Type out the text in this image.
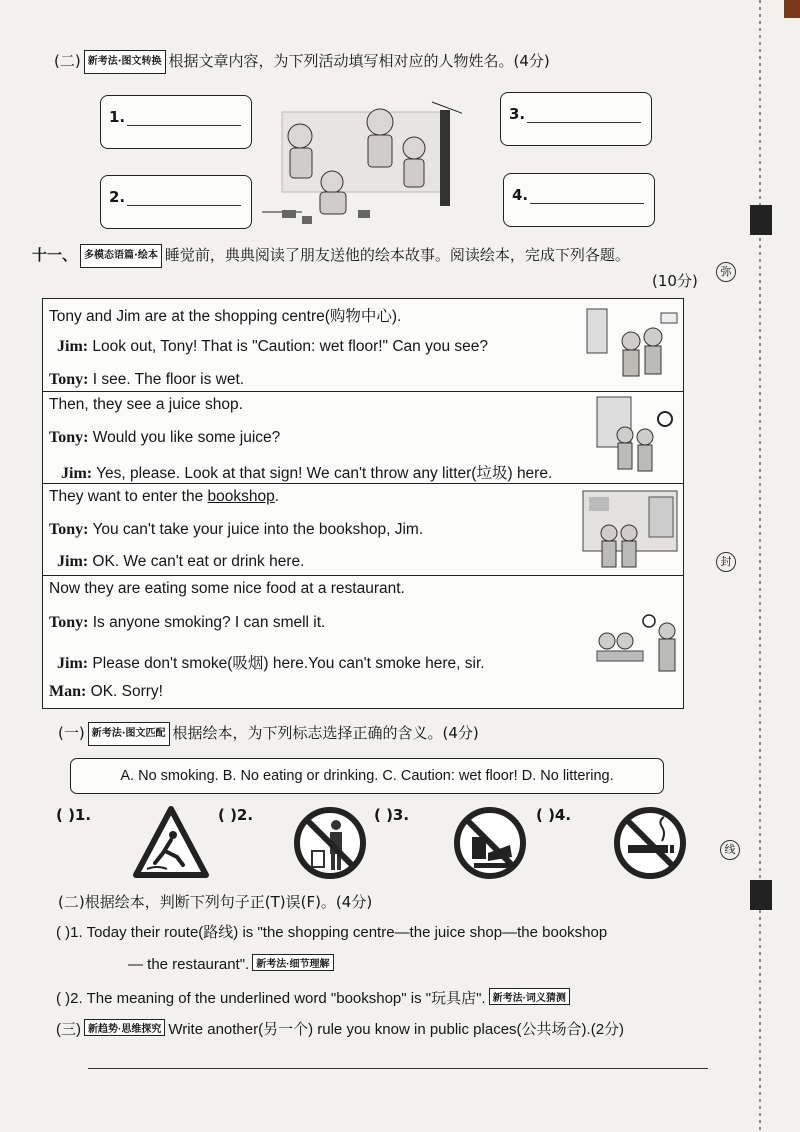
弥
封
线
(二) 新考法·图文转换 根据文章内容，为下列活动填写相对应的人物姓名。(4分)
1.
2.
3.
4.
十一、 多模态语篇·绘本 睡觉前，典典阅读了朋友送他的绘本故事。阅读绘本，完成下列各题。
(10分)
Tony and Jim are at the shopping centre(购物中心).
Jim: Look out, Tony! That is "Caution: wet floor!" Can you see?
Tony: I see. The floor is wet.
Then, they see a juice shop.
Tony: Would you like some juice?
Jim: Yes, please. Look at that sign! We can't throw any litter(垃圾) here.
They want to enter the bookshop.
Tony: You can't take your juice into the bookshop, Jim.
Jim: OK. We can't eat or drink here.
Now they are eating some nice food at a restaurant.
Tony: Is anyone smoking? I can smell it.
Jim: Please don't smoke(吸烟) here.You can't smoke here, sir.
Man: OK. Sorry!
(一) 新考法·图文匹配 根据绘本，为下列标志选择正确的含义。(4分)
A. No smoking. B. No eating or drinking. C. Caution: wet floor! D. No littering.
( )1.	( )2.	( )3.	( )4.
(二)根据绘本，判断下列句子正(T)误(F)。(4分)
( )1. Today their route(路线) is "the shopping centre—the juice shop—the bookshop
— the restaurant". 新考法·细节理解
( )2. The meaning of the underlined word "bookshop" is "玩具店". 新考法·词义猜测
(三) 新趋势·思维探究 Write another(另一个) rule you know in public places(公共场合).(2分)
